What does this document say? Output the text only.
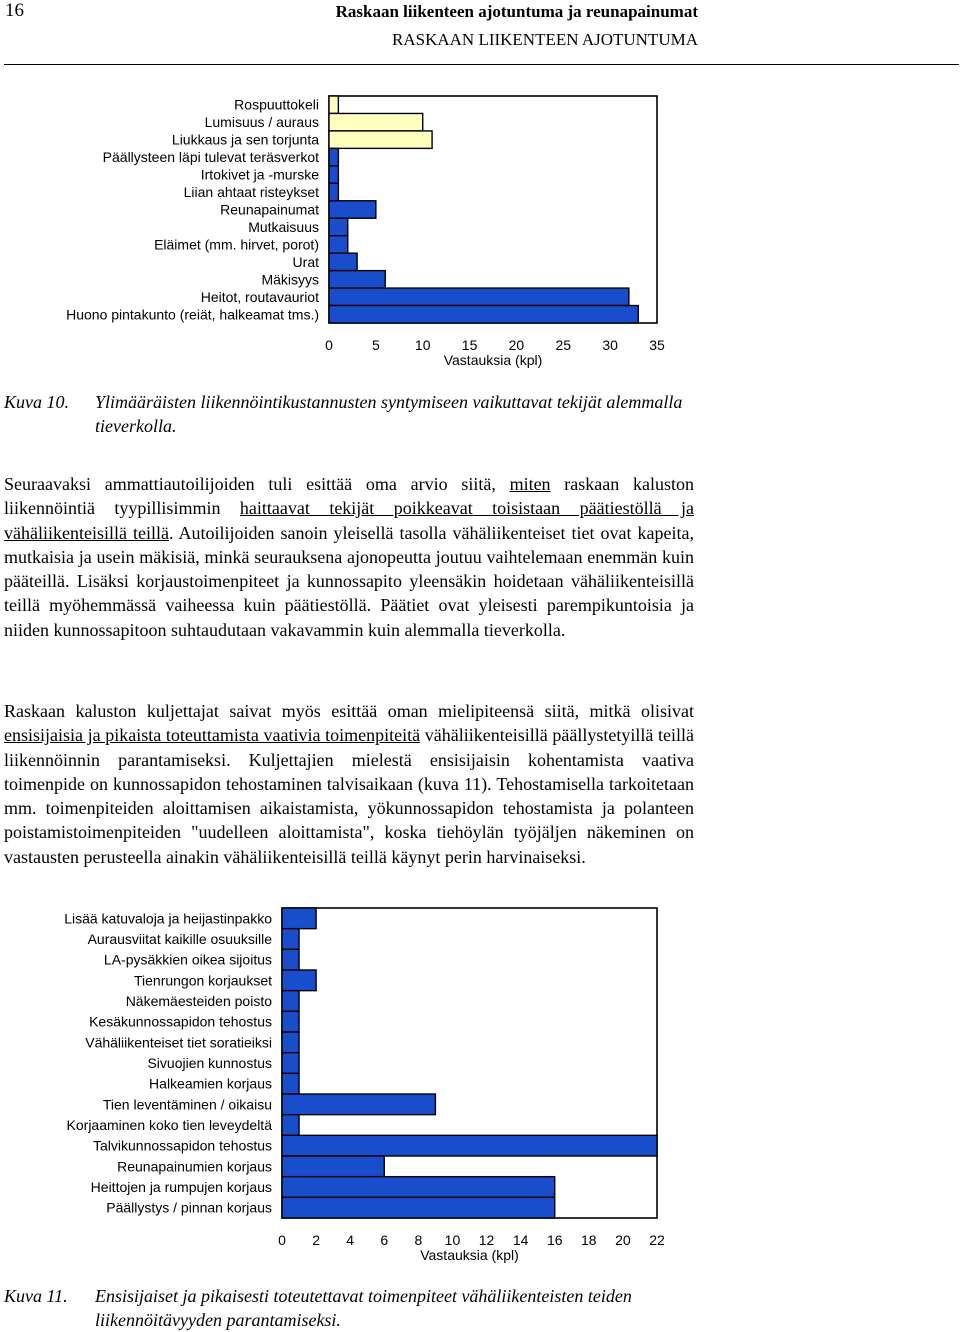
16	Raskaan liikenteen ajotuntuma ja reunapainumat
RASKAAN LIIKENTEEN AJOTUNTUMA
Rospuuttokeli
Lumisuus / auraus
Liukkaus ja sen torjunta
Päällysteen läpi tulevat teräsverkot
Irtokivet ja -murske
Liian ahtaat risteykset
Reunapainumat
Mutkaisuus
Eläimet (mm. hirvet, porot)
Urat
Mäkisyys
Heitot, routavauriot
Huono pintakunto (reiät, halkeamat tms.)
0	5	10 15 20 25 30 35
Vastauksia (kpl)
Kuva 10. Ylimääräisten liikennöintikustannusten syntymiseen vaikuttavat tekijät alemmalla tieverkolla.
Seuraavaksi ammattiautoilijoiden tuli esittää oma arvio siitä, miten raskaan kaluston liikennöintiä tyypillisimmin haittaavat tekijät poikkeavat toisistaan päätiestöllä ja vähäliikenteisillä teillä. Autoilijoiden sanoin yleisellä tasolla vähäliikenteiset tiet ovat kapeita, mutkaisia ja usein mäkisiä, minkä seurauksena ajonopeutta joutuu vaihtelemaan enemmän kuin pääteillä. Lisäksi korjaustoimenpiteet ja kunnossapito yleensäkin hoidetaan vähäliikenteisillä teillä myöhemmässä vaiheessa kuin päätiestöllä. Päätiet ovat yleisesti parempikuntoisia ja niiden kunnossapitoon suhtaudutaan vakavammin kuin alemmalla tieverkolla.
Raskaan kaluston kuljettajat saivat myös esittää oman mielipiteensä siitä, mitkä olisivat ensisijaisia ja pikaista toteuttamista vaativia toimenpiteitä vähäliikenteisillä päällystetyillä teillä liikennöinnin parantamiseksi. Kuljettajien mielestä ensisijaisin kohentamista vaativa toimenpide on kunnossapidon tehostaminen talvisaikaan (kuva 11). Tehostamisella tarkoitetaan mm. toimenpiteiden aloittamisen aikaistamista, yökunnossapidon tehostamista ja polanteen poistamistoimenpiteiden "uudelleen aloittamista", koska tiehöylän työjäljen näkeminen on vastausten perusteella ainakin vähäliikenteisillä teillä käynyt perin harvinaiseksi.
Lisää katuvaloja ja heijastinpakko
Aurausviitat kaikille osuuksille
LA-pysäkkien oikea sijoitus
Tienrungon korjaukset
Näkemäesteiden poisto
Kesäkunnossapidon tehostus
Vähäliikenteiset tiet soratieiksi
Sivuojien kunnostus
Halkeamien korjaus
Tien leventäminen / oikaisu
Korjaaminen koko tien leveydeltä
Talvikunnossapidon tehostus
Reunapainumien korjaus
Heittojen ja rumpujen korjaus
Päällystys / pinnan korjaus
0 2 4 6 8 10 12 14 16 18 20 22
Vastauksia (kpl)
Kuva 11. Ensisijaiset ja pikaisesti toteutettavat toimenpiteet vähäliikenteisten teiden liikennöitävyyden parantamiseksi.
